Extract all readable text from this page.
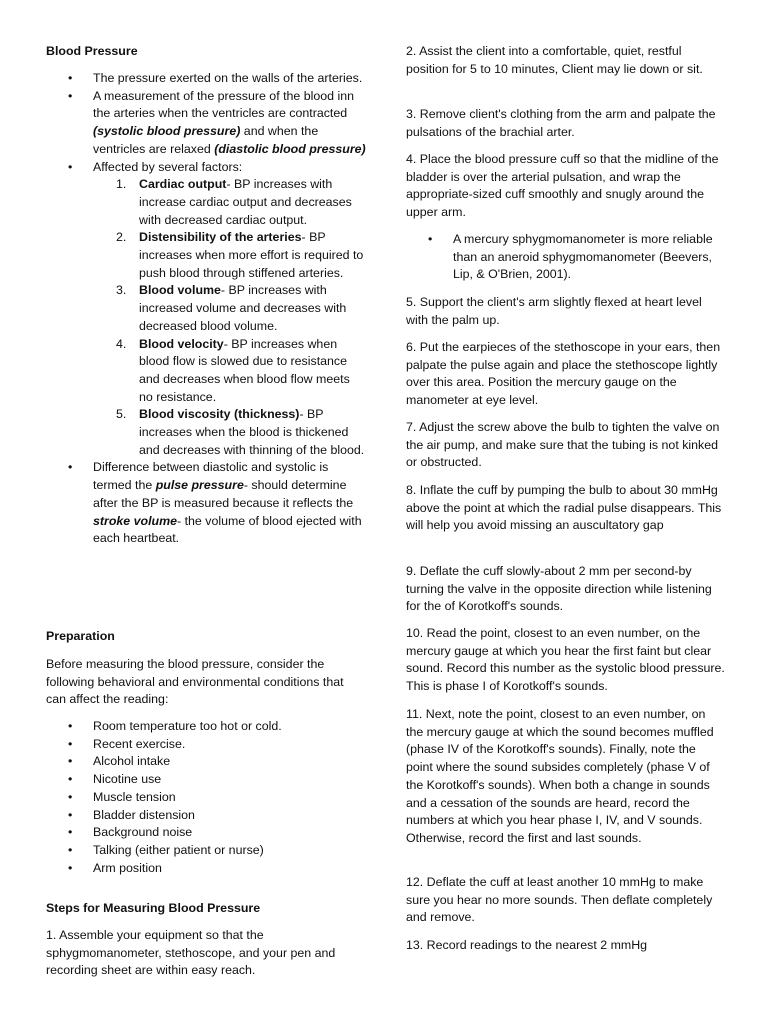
Blood Pressure
• The pressure exerted on the walls of the arteries.
• A measurement of the pressure of the blood inn the arteries when the ventricles are contracted (systolic blood pressure) and when the ventricles are relaxed (diastolic blood pressure)
• Affected by several factors:
1. Cardiac output- BP increases with increase cardiac output and decreases with decreased cardiac output.
2. Distensibility of the arteries- BP increases when more effort is required to push blood through stiffened arteries.
3. Blood volume- BP increases with increased volume and decreases with decreased blood volume.
4. Blood velocity- BP increases when blood flow is slowed due to resistance and decreases when blood flow meets no resistance.
5. Blood viscosity (thickness)- BP increases when the blood is thickened and decreases with thinning of the blood.
• Difference between diastolic and systolic is termed the pulse pressure- should determine after the BP is measured because it reflects the stroke volume- the volume of blood ejected with each heartbeat.
Preparation
Before measuring the blood pressure, consider the following behavioral and environmental conditions that can affect the reading:
• Room temperature too hot or cold.
• Recent exercise.
• Alcohol intake
• Nicotine use
• Muscle tension
• Bladder distension
• Background noise
• Talking (either patient or nurse)
• Arm position
Steps for Measuring Blood Pressure
1. Assemble your equipment so that the sphygmomanometer, stethoscope, and your pen and recording sheet are within easy reach.
2. Assist the client into a comfortable, quiet, restful position for 5 to 10 minutes, Client may lie down or sit.
3. Remove client's clothing from the arm and palpate the pulsations of the brachial arter.
4. Place the blood pressure cuff so that the midline of the bladder is over the arterial pulsation, and wrap the appropriate-sized cuff smoothly and snugly around the upper arm.
• A mercury sphygmomanometer is more reliable than an aneroid sphygmomanometer (Beevers, Lip, & O'Brien, 2001).
5. Support the client's arm slightly flexed at heart level with the palm up.
6. Put the earpieces of the stethoscope in your ears, then palpate the pulse again and place the stethoscope lightly over this area. Position the mercury gauge on the manometer at eye level.
7. Adjust the screw above the bulb to tighten the valve on the air pump, and make sure that the tubing is not kinked or obstructed.
8. Inflate the cuff by pumping the bulb to about 30 mmHg above the point at which the radial pulse disappears. This will help you avoid missing an auscultatory gap
9. Deflate the cuff slowly-about 2 mm per second-by turning the valve in the opposite direction while listening for the of Korotkoff's sounds.
10. Read the point, closest to an even number, on the mercury gauge at which you hear the first faint but clear sound. Record this number as the systolic blood pressure. This is phase I of Korotkoff's sounds.
11. Next, note the point, closest to an even number, on the mercury gauge at which the sound becomes muffled (phase IV of the Korotkoff's sounds). Finally, note the point where the sound subsides completely (phase V of the Korotkoff's sounds). When both a change in sounds and a cessation of the sounds are heard, record the numbers at which you hear phase I, IV, and V sounds. Otherwise, record the first and last sounds.
12. Deflate the cuff at least another 10 mmHg to make sure you hear no more sounds. Then deflate completely and remove.
13. Record readings to the nearest 2 mmHg
